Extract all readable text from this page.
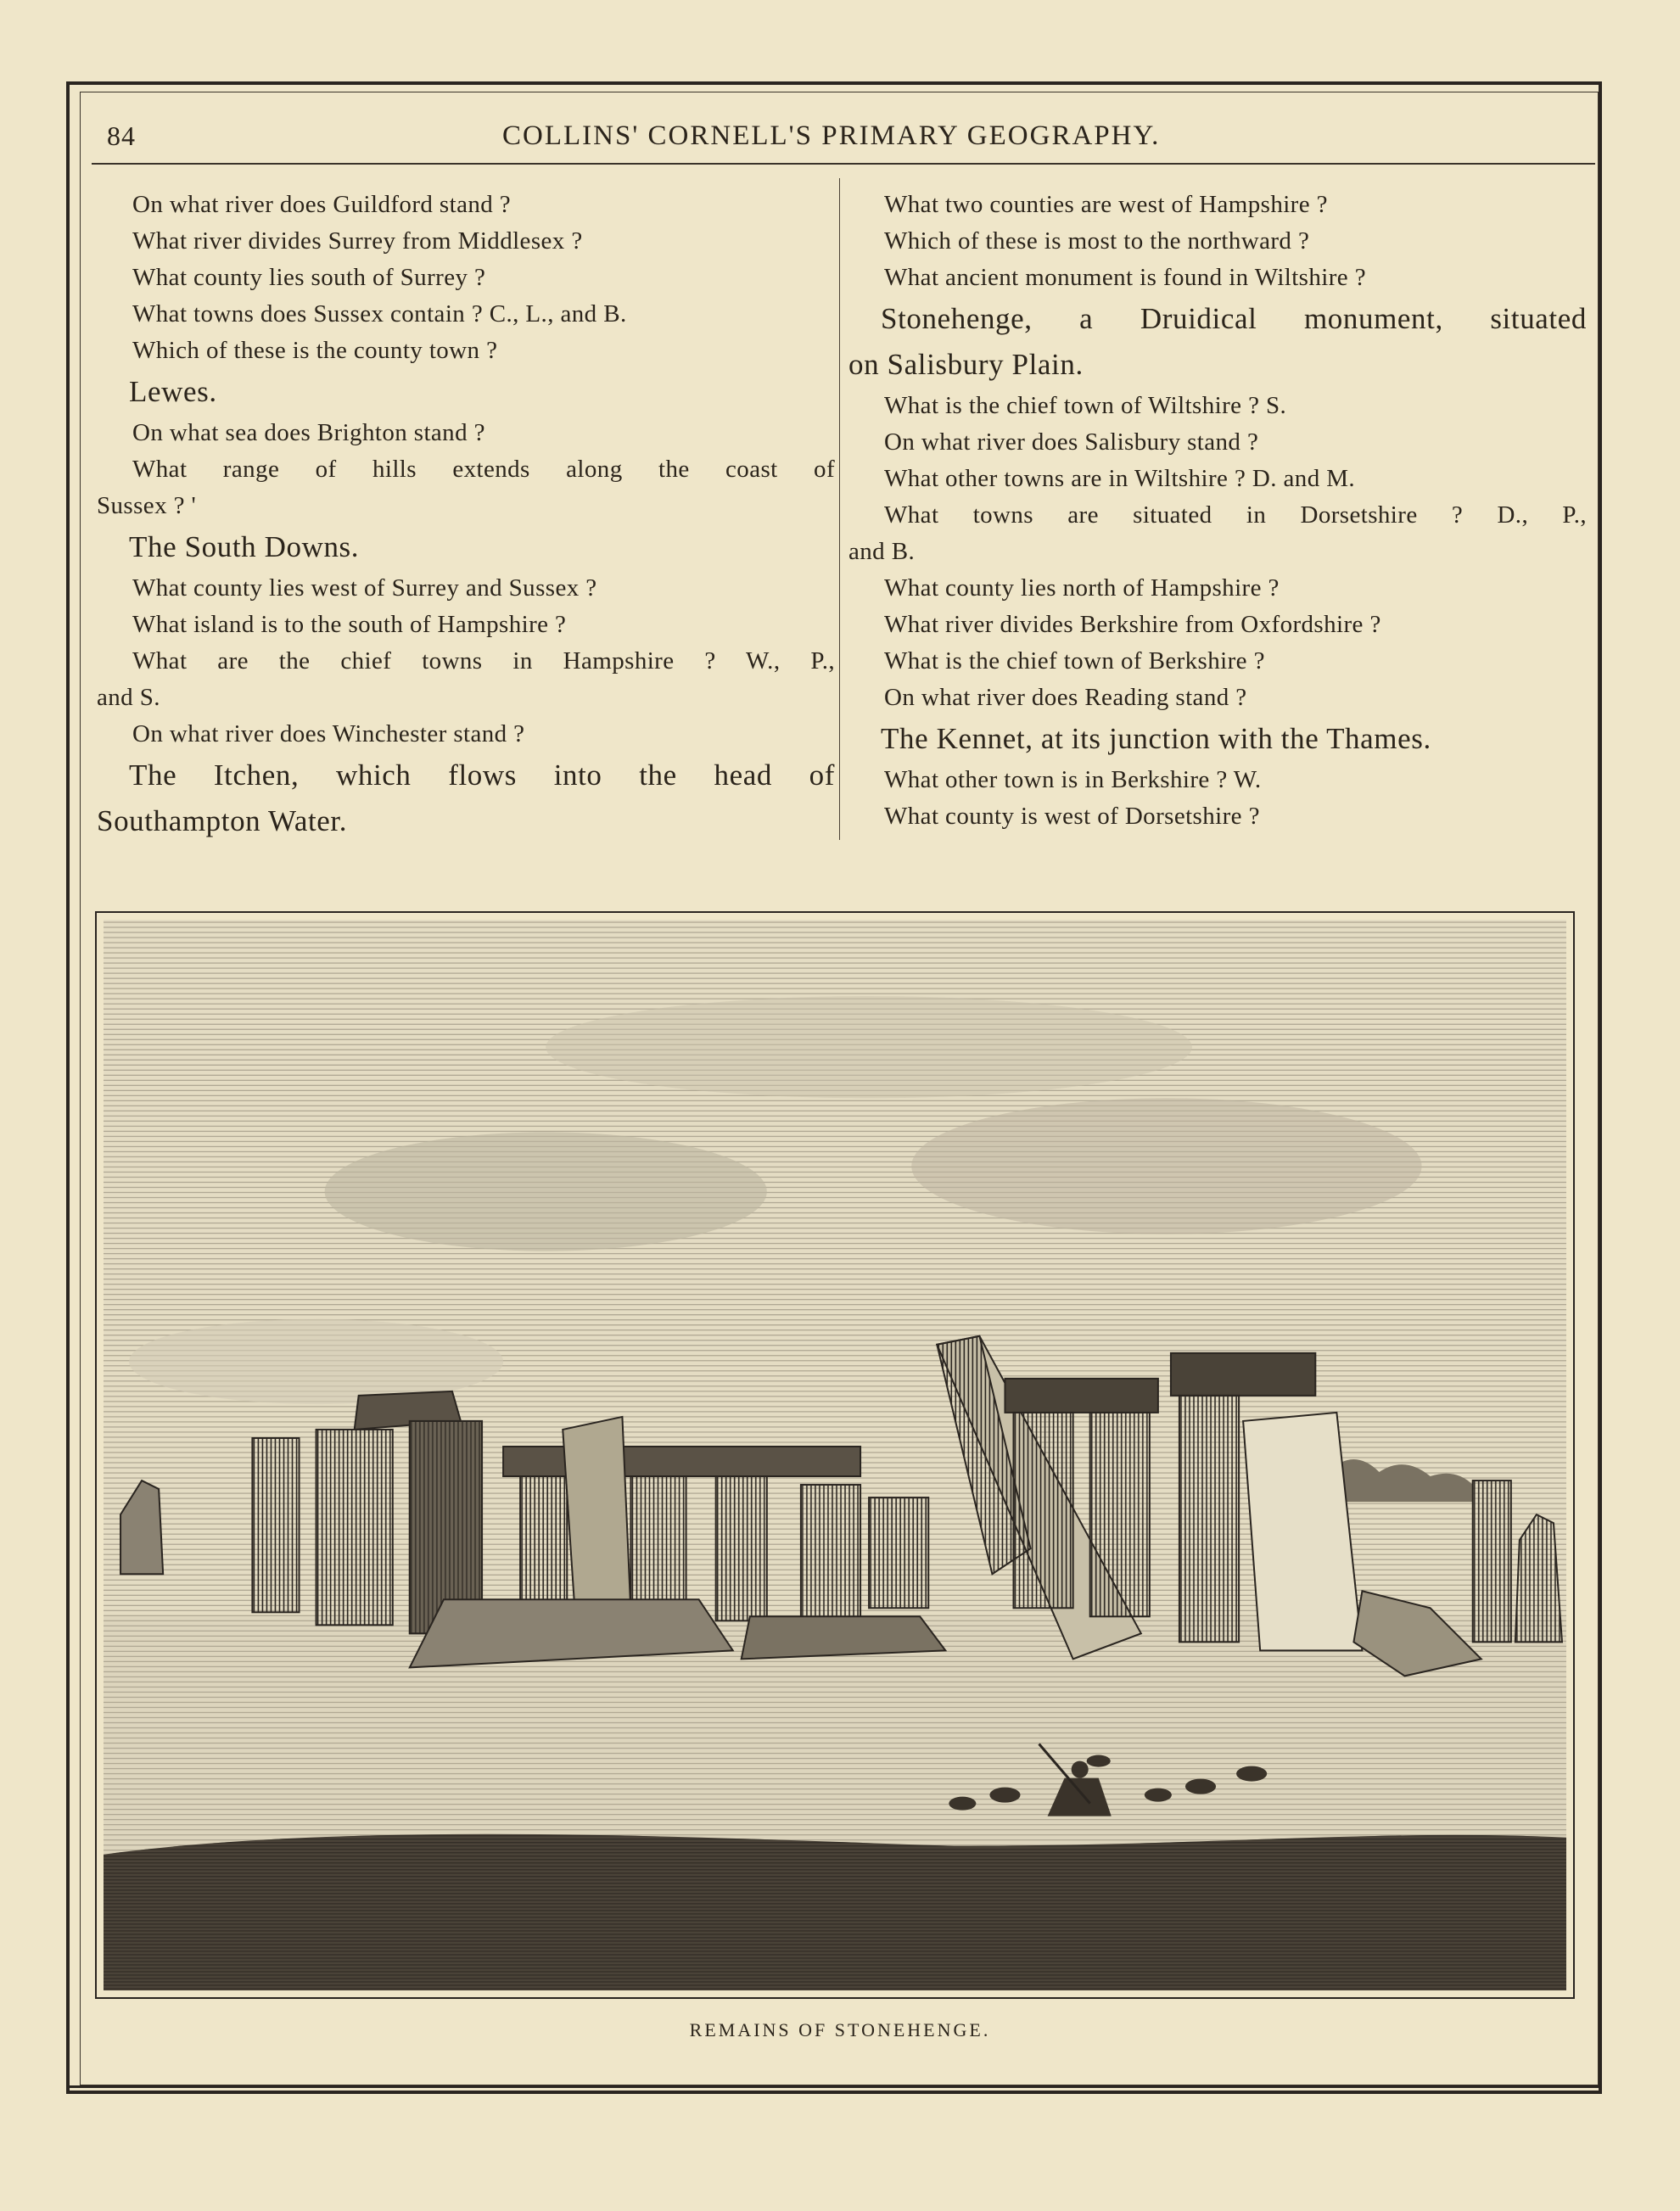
84	COLLINS' CORNELL'S PRIMARY GEOGRAPHY.

On what river does Guildford stand ?

What river divides Surrey from Middlesex ?

What county lies south of Surrey ?

What towns does Sussex contain ? C., L., and B.

Which of these is the county town ?

Lewes.

On what sea does Brighton stand ?

What range of hills extends along the coast of

Sussex ? '

The South Downs.

What county lies west of Surrey and Sussex ?

What island is to the south of Hampshire ?

What are the chief towns in Hampshire ? W., P.,

and S.

On what river does Winchester stand ?

The Itchen, which flows into the head of

Southampton Water.

What two counties are west of Hampshire ?

Which of these is most to the northward ?

What ancient monument is found in Wiltshire ?

Stonehenge, a Druidical monument, situated

on Salisbury Plain.

What is the chief town of Wiltshire ? S.

On what river does Salisbury stand ?

What other towns are in Wiltshire ? D. and M.

What towns are situated in Dorsetshire ? D., P.,

and B.

What county lies north of Hampshire ?

What river divides Berkshire from Oxfordshire ?

What is the chief town of Berkshire ?

On what river does Reading stand ?

The Kennet, at its junction with the Thames.

What other town is in Berkshire ? W.

What county is west of Dorsetshire ?

REMAINS OF STONEHENGE.
